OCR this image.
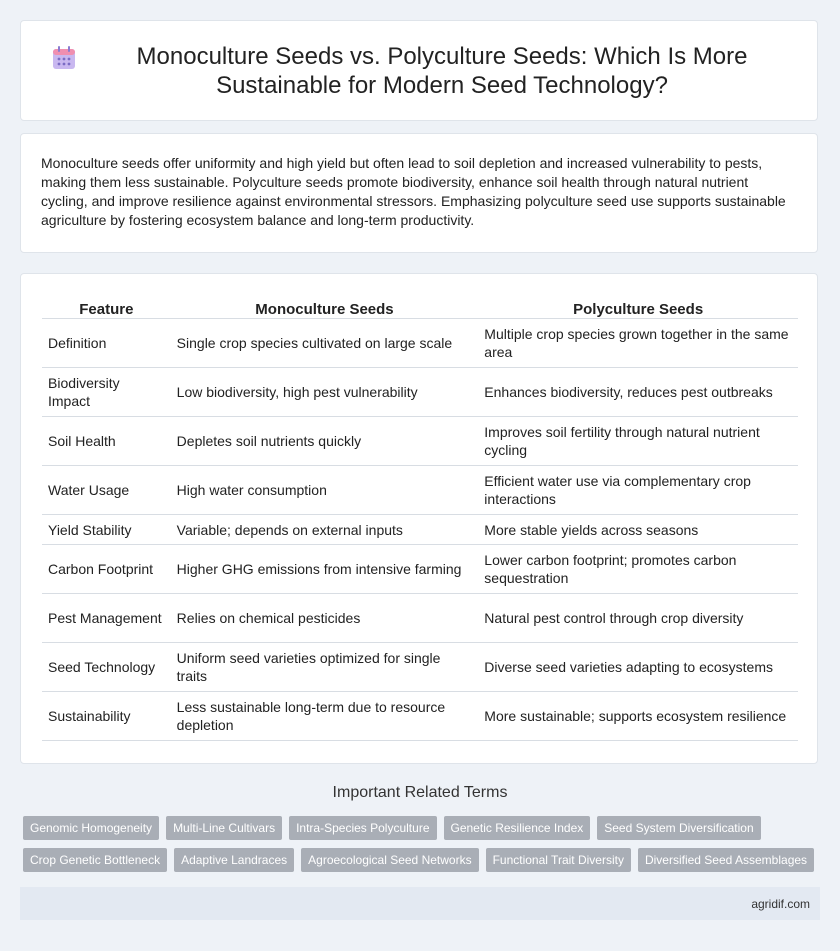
Monoculture Seeds vs. Polyculture Seeds: Which Is More Sustainable for Modern Seed Technology?

Monoculture seeds offer uniformity and high yield but often lead to soil depletion and increased vulnerability to pests, making them less sustainable. Polyculture seeds promote biodiversity, enhance soil health through natural nutrient cycling, and improve resilience against environmental stressors. Emphasizing polyculture seed use supports sustainable agriculture by fostering ecosystem balance and long-term productivity.

Feature	Monoculture Seeds	Polyculture Seeds
Definition	Single crop species cultivated on large scale	Multiple crop species grown together in the same area
Biodiversity Impact	Low biodiversity, high pest vulnerability	Enhances biodiversity, reduces pest outbreaks
Soil Health	Depletes soil nutrients quickly	Improves soil fertility through natural nutrient cycling
Water Usage	High water consumption	Efficient water use via complementary crop interactions
Yield Stability	Variable; depends on external inputs	More stable yields across seasons
Carbon Footprint	Higher GHG emissions from intensive farming	Lower carbon footprint; promotes carbon sequestration
Pest Management	Relies on chemical pesticides	Natural pest control through crop diversity
Seed Technology	Uniform seed varieties optimized for single traits	Diverse seed varieties adapting to ecosystems
Sustainability	Less sustainable long-term due to resource depletion	More sustainable; supports ecosystem resilience
Important Related Terms
Genomic Homogeneity	Multi-Line Cultivars	Intra-Species Polyculture	Genetic Resilience Index	Seed System Diversification
Crop Genetic Bottleneck	Adaptive Landraces	Agroecological Seed Networks	Functional Trait Diversity	Diversified Seed Assemblages
agridif.com
